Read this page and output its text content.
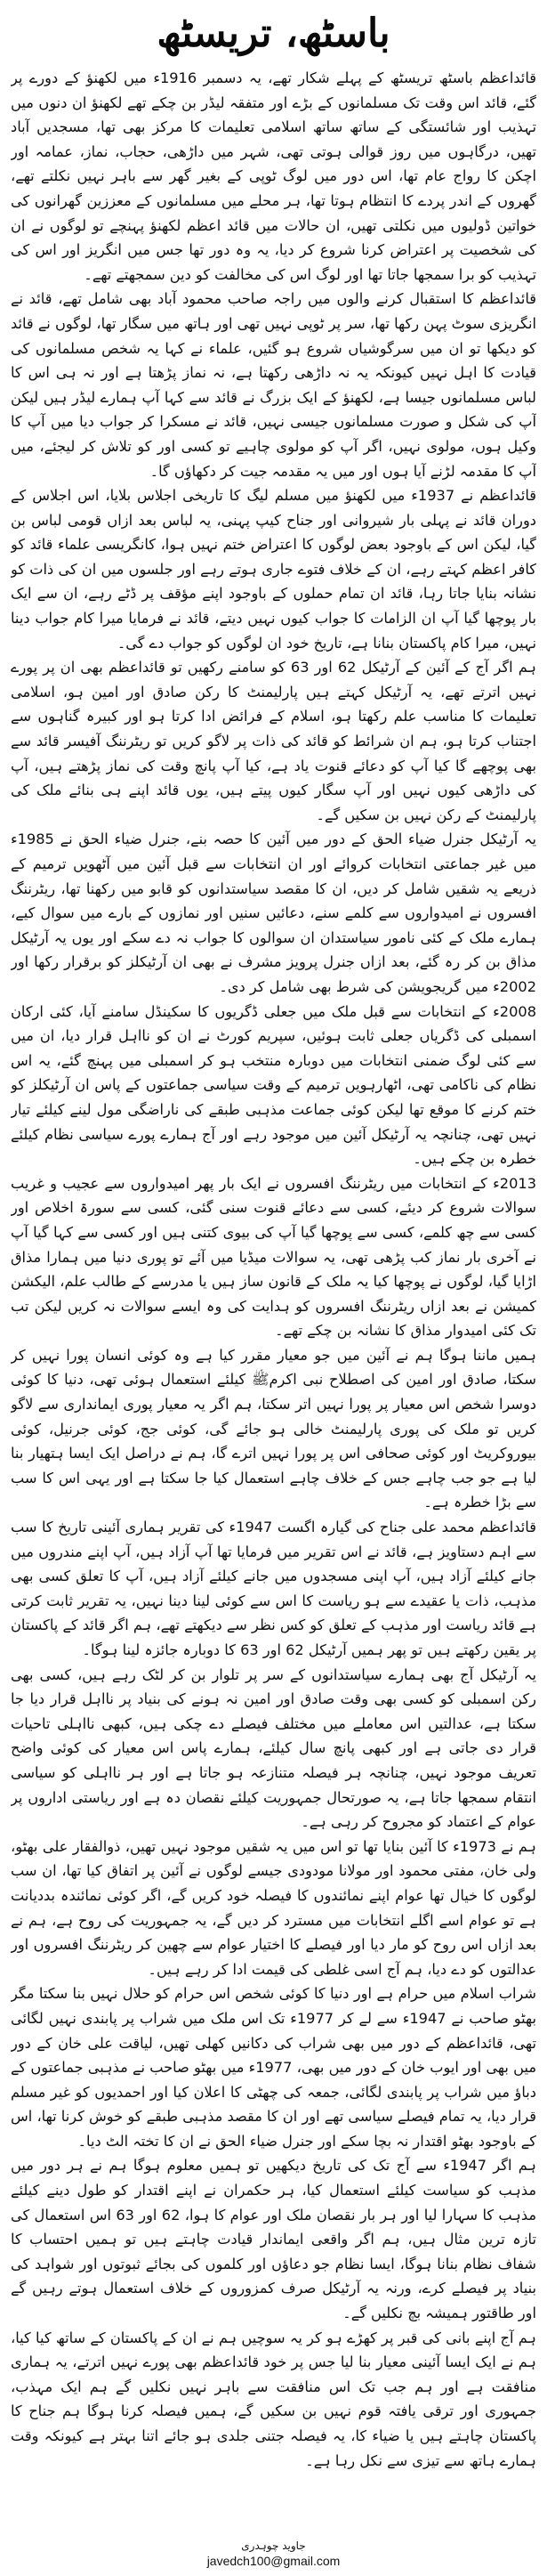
باسٹھ، تریسٹھ

قائداعظم باسٹھ تریسٹھ کے پہلے شکار تھے، یہ دسمبر 1916ء میں لکھنؤ کے دورے پر گئے، قائد اس وقت تک مسلمانوں کے بڑے اور متفقہ لیڈر بن چکے تھے لکھنؤ ان دنوں میں تہذیب اور شائستگی کے ساتھ ساتھ اسلامی تعلیمات کا مرکز بھی تھا، مسجدیں آباد تھیں، درگاہوں میں روز قوالی ہوتی تھی، شہر میں داڑھی، حجاب، نماز، عمامہ اور اچکن کا رواج عام تھا، اس دور میں لوگ ٹوپی کے بغیر گھر سے باہر نہیں نکلتے تھے، گھروں کے اندر پردے کا انتظام ہوتا تھا، ہر محلے میں مسلمانوں کے معززین گھرانوں کی خواتین ڈولیوں میں نکلتی تھیں، ان حالات میں قائد اعظم لکھنؤ پہنچے تو لوگوں نے ان کی شخصیت پر اعتراض کرنا شروع کر دیا، یہ وہ دور تھا جس میں انگریز اور اس کی تہذیب کو برا سمجھا جاتا تھا اور لوگ اس کی مخالفت کو دین سمجھتے تھے۔

قائداعظم کا استقبال کرنے والوں میں راجہ صاحب محمود آباد بھی شامل تھے، قائد نے انگریزی سوٹ پہن رکھا تھا، سر پر ٹوپی نہیں تھی اور ہاتھ میں سگار تھا، لوگوں نے قائد کو دیکھا تو ان میں سرگوشیاں شروع ہو گئیں، علماء نے کہا یہ شخص مسلمانوں کی قیادت کا اہل نہیں کیونکہ یہ نہ داڑھی رکھتا ہے، نہ نماز پڑھتا ہے اور نہ ہی اس کا لباس مسلمانوں جیسا ہے، لکھنؤ کے ایک بزرگ نے قائد سے کہا آپ ہمارے لیڈر ہیں لیکن آپ کی شکل و صورت مسلمانوں جیسی نہیں، قائد نے مسکرا کر جواب دیا میں آپ کا وکیل ہوں، مولوی نہیں، اگر آپ کو مولوی چاہیے تو کسی اور کو تلاش کر لیجئے، میں آپ کا مقدمہ لڑنے آیا ہوں اور میں یہ مقدمہ جیت کر دکھاؤں گا۔

قائداعظم نے 1937ء میں لکھنؤ میں مسلم لیگ کا تاریخی اجلاس بلایا، اس اجلاس کے دوران قائد نے پہلی بار شیروانی اور جناح کیپ پہنی، یہ لباس بعد ازاں قومی لباس بن گیا، لیکن اس کے باوجود بعض لوگوں کا اعتراض ختم نہیں ہوا، کانگریسی علماء قائد کو کافر اعظم کہتے رہے، ان کے خلاف فتوے جاری ہوتے رہے اور جلسوں میں ان کی ذات کو نشانہ بنایا جاتا رہا، قائد ان تمام حملوں کے باوجود اپنے مؤقف پر ڈٹے رہے، ان سے ایک بار پوچھا گیا آپ ان الزامات کا جواب کیوں نہیں دیتے، قائد نے فرمایا میرا کام جواب دینا نہیں، میرا کام پاکستان بنانا ہے، تاریخ خود ان لوگوں کو جواب دے گی۔

ہم اگر آج کے آئین کے آرٹیکل 62 اور 63 کو سامنے رکھیں تو قائداعظم بھی ان پر پورے نہیں اترتے تھے، یہ آرٹیکل کہتے ہیں پارلیمنٹ کا رکن صادق اور امین ہو، اسلامی تعلیمات کا مناسب علم رکھتا ہو، اسلام کے فرائض ادا کرتا ہو اور کبیرہ گناہوں سے اجتناب کرتا ہو، ہم ان شرائط کو قائد کی ذات پر لاگو کریں تو ریٹرننگ آفیسر قائد سے بھی پوچھے گا کیا آپ کو دعائے قنوت یاد ہے، کیا آپ پانچ وقت کی نماز پڑھتے ہیں، آپ کی داڑھی کیوں نہیں اور آپ سگار کیوں پیتے ہیں، یوں قائد اپنے ہی بنائے ملک کی پارلیمنٹ کے رکن نہیں بن سکیں گے۔

یہ آرٹیکل جنرل ضیاء الحق کے دور میں آئین کا حصہ بنے، جنرل ضیاء الحق نے 1985ء میں غیر جماعتی انتخابات کروائے اور ان انتخابات سے قبل آئین میں آٹھویں ترمیم کے ذریعے یہ شقیں شامل کر دیں، ان کا مقصد سیاستدانوں کو قابو میں رکھنا تھا، ریٹرننگ افسروں نے امیدواروں سے کلمے سنے، دعائیں سنیں اور نمازوں کے بارے میں سوال کیے، ہمارے ملک کے کئی نامور سیاستدان ان سوالوں کا جواب نہ دے سکے اور یوں یہ آرٹیکل مذاق بن کر رہ گئے، بعد ازاں جنرل پرویز مشرف نے بھی ان آرٹیکلز کو برقرار رکھا اور 2002ء میں گریجویشن کی شرط بھی شامل کر دی۔

2008ء کے انتخابات سے قبل ملک میں جعلی ڈگریوں کا سکینڈل سامنے آیا، کئی ارکان اسمبلی کی ڈگریاں جعلی ثابت ہوئیں، سپریم کورٹ نے ان کو نااہل قرار دیا، ان میں سے کئی لوگ ضمنی انتخابات میں دوبارہ منتخب ہو کر اسمبلی میں پہنچ گئے، یہ اس نظام کی ناکامی تھی، اٹھارہویں ترمیم کے وقت سیاسی جماعتوں کے پاس ان آرٹیکلز کو ختم کرنے کا موقع تھا لیکن کوئی جماعت مذہبی طبقے کی ناراضگی مول لینے کیلئے تیار نہیں تھی، چنانچہ یہ آرٹیکل آئین میں موجود رہے اور آج ہمارے پورے سیاسی نظام کیلئے خطرہ بن چکے ہیں۔

2013ء کے انتخابات میں ریٹرننگ افسروں نے ایک بار پھر امیدواروں سے عجیب و غریب سوالات شروع کر دیئے، کسی سے دعائے قنوت سنی گئی، کسی سے سورۃ اخلاص اور کسی سے چھ کلمے، کسی سے پوچھا گیا آپ کی بیوی کتنی ہیں اور کسی سے کہا گیا آپ نے آخری بار نماز کب پڑھی تھی، یہ سوالات میڈیا میں آئے تو پوری دنیا میں ہمارا مذاق اڑایا گیا، لوگوں نے پوچھا کیا یہ ملک کے قانون ساز ہیں یا مدرسے کے طالب علم، الیکشن کمیشن نے بعد ازاں ریٹرننگ افسروں کو ہدایت کی وہ ایسے سوالات نہ کریں لیکن تب تک کئی امیدوار مذاق کا نشانہ بن چکے تھے۔

ہمیں ماننا ہوگا ہم نے آئین میں جو معیار مقرر کیا ہے وہ کوئی انسان پورا نہیں کر سکتا، صادق اور امین کی اصطلاح نبی اکرمﷺ کیلئے استعمال ہوئی تھی، دنیا کا کوئی دوسرا شخص اس معیار پر پورا نہیں اتر سکتا، ہم اگر یہ معیار پوری ایمانداری سے لاگو کریں تو ملک کی پوری پارلیمنٹ خالی ہو جائے گی، کوئی جج، کوئی جرنیل، کوئی بیوروکریٹ اور کوئی صحافی اس پر پورا نہیں اترے گا، ہم نے دراصل ایک ایسا ہتھیار بنا لیا ہے جو جب چاہے جس کے خلاف چاہے استعمال کیا جا سکتا ہے اور یہی اس کا سب سے بڑا خطرہ ہے۔

قائداعظم محمد علی جناح کی گیارہ اگست 1947ء کی تقریر ہماری آئینی تاریخ کا سب سے اہم دستاویز ہے، قائد نے اس تقریر میں فرمایا تھا آپ آزاد ہیں، آپ اپنے مندروں میں جانے کیلئے آزاد ہیں، آپ اپنی مسجدوں میں جانے کیلئے آزاد ہیں، آپ کا تعلق کسی بھی مذہب، ذات یا عقیدے سے ہو ریاست کا اس سے کوئی لینا دینا نہیں، یہ تقریر ثابت کرتی ہے قائد ریاست اور مذہب کے تعلق کو کس نظر سے دیکھتے تھے، ہم اگر قائد کے پاکستان پر یقین رکھتے ہیں تو پھر ہمیں آرٹیکل 62 اور 63 کا دوبارہ جائزہ لینا ہوگا۔

یہ آرٹیکل آج بھی ہمارے سیاستدانوں کے سر پر تلوار بن کر لٹک رہے ہیں، کسی بھی رکن اسمبلی کو کسی بھی وقت صادق اور امین نہ ہونے کی بنیاد پر نااہل قرار دیا جا سکتا ہے، عدالتیں اس معاملے میں مختلف فیصلے دے چکی ہیں، کبھی نااہلی تاحیات قرار دی جاتی ہے اور کبھی پانچ سال کیلئے، ہمارے پاس اس معیار کی کوئی واضح تعریف موجود نہیں، چنانچہ ہر فیصلہ متنازعہ ہو جاتا ہے اور ہر نااہلی کو سیاسی انتقام سمجھا جاتا ہے، یہ صورتحال جمہوریت کیلئے نقصان دہ ہے اور ریاستی اداروں پر عوام کے اعتماد کو مجروح کر رہی ہے۔

ہم نے 1973ء کا آئین بنایا تھا تو اس میں یہ شقیں موجود نہیں تھیں، ذوالفقار علی بھٹو، ولی خان، مفتی محمود اور مولانا مودودی جیسے لوگوں نے آئین پر اتفاق کیا تھا، ان سب لوگوں کا خیال تھا عوام اپنے نمائندوں کا فیصلہ خود کریں گے، اگر کوئی نمائندہ بددیانت ہے تو عوام اسے اگلے انتخابات میں مسترد کر دیں گے، یہ جمہوریت کی روح ہے، ہم نے بعد ازاں اس روح کو مار دیا اور فیصلے کا اختیار عوام سے چھین کر ریٹرننگ افسروں اور عدالتوں کو دے دیا، ہم آج اسی غلطی کی قیمت ادا کر رہے ہیں۔

شراب اسلام میں حرام ہے اور دنیا کا کوئی شخص اس حرام کو حلال نہیں بنا سکتا مگر بھٹو صاحب نے 1947ء سے لے کر 1977ء تک اس ملک میں شراب پر پابندی نہیں لگائی تھی، قائداعظم کے دور میں بھی شراب کی دکانیں کھلی تھیں، لیاقت علی خان کے دور میں بھی اور ایوب خان کے دور میں بھی، 1977ء میں بھٹو صاحب نے مذہبی جماعتوں کے دباؤ میں شراب پر پابندی لگائی، جمعہ کی چھٹی کا اعلان کیا اور احمدیوں کو غیر مسلم قرار دیا، یہ تمام فیصلے سیاسی تھے اور ان کا مقصد مذہبی طبقے کو خوش کرنا تھا، اس کے باوجود بھٹو اقتدار نہ بچا سکے اور جنرل ضیاء الحق نے ان کا تختہ الٹ دیا۔

ہم اگر 1947ء سے آج تک کی تاریخ دیکھیں تو ہمیں معلوم ہوگا ہم نے ہر دور میں مذہب کو سیاست کیلئے استعمال کیا، ہر حکمران نے اپنے اقتدار کو طول دینے کیلئے مذہب کا سہارا لیا اور ہر بار نقصان ملک اور عوام کا ہوا، 62 اور 63 اس استعمال کی تازہ ترین مثال ہیں، ہم اگر واقعی ایماندار قیادت چاہتے ہیں تو ہمیں احتساب کا شفاف نظام بنانا ہوگا، ایسا نظام جو دعاؤں اور کلموں کی بجائے ثبوتوں اور شواہد کی بنیاد پر فیصلے کرے، ورنہ یہ آرٹیکل صرف کمزوروں کے خلاف استعمال ہوتے رہیں گے اور طاقتور ہمیشہ بچ نکلیں گے۔

ہم آج اپنے بانی کی قبر پر کھڑے ہو کر یہ سوچیں ہم نے ان کے پاکستان کے ساتھ کیا کیا، ہم نے ایک ایسا آئینی معیار بنا لیا جس پر خود قائداعظم بھی پورے نہیں اترتے، یہ ہماری منافقت ہے اور ہم جب تک اس منافقت سے باہر نہیں نکلیں گے ہم ایک مہذب، جمہوری اور ترقی یافتہ قوم نہیں بن سکیں گے، ہمیں فیصلہ کرنا ہوگا ہم جناح کا پاکستان چاہتے ہیں یا ضیاء کا، یہ فیصلہ جتنی جلدی ہو جائے اتنا بہتر ہے کیونکہ وقت ہمارے ہاتھ سے تیزی سے نکل رہا ہے۔

جاوید چوہدری
javedch100@gmail.com
